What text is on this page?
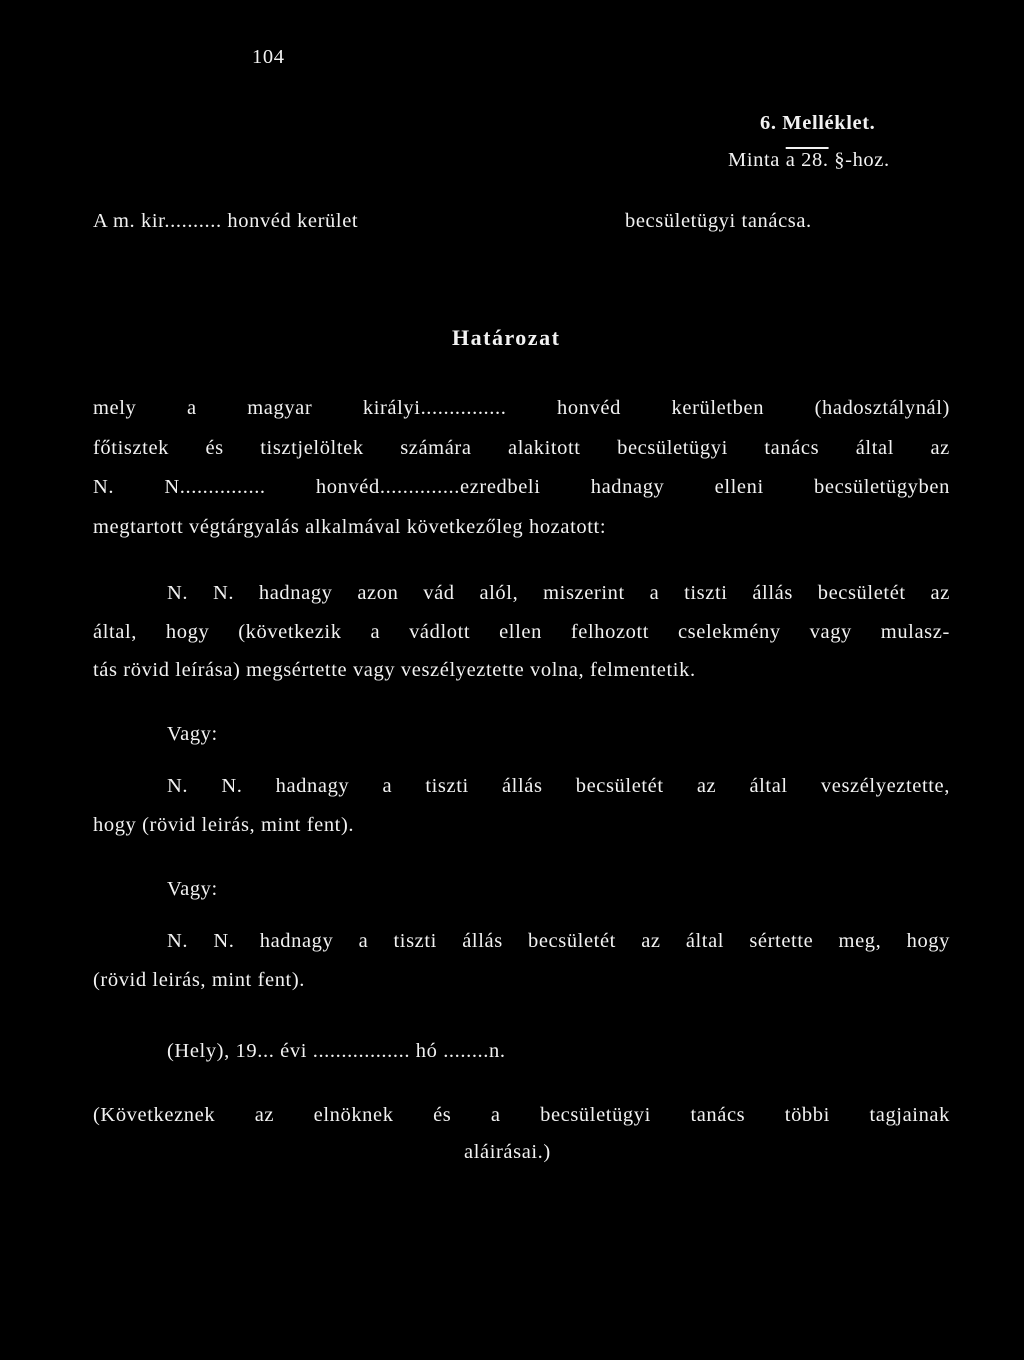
104
6. Melléklet.
Minta a 28. §-hoz.
A m. kir.......... honvéd kerület	becsületügyi tanácsa.
Határozat
mely a magyar királyi............... honvéd kerületben (hadosztálynál)
főtisztek és tisztjelöltek számára alakitott becsületügyi tanács által az
N. N............... honvéd..............ezredbeli hadnagy elleni becsületügyben
megtartott végtárgyalás alkalmával következőleg hozatott:
N. N. hadnagy azon vád alól, miszerint a tiszti állás becsületét az
által, hogy (következik a vádlott ellen felhozott cselekmény vagy mulasz-
tás rövid leírása) megsértette vagy veszélyeztette volna, felmentetik.
Vagy:
N. N. hadnagy a tiszti állás becsületét az által veszélyeztette,
hogy (rövid leirás, mint fent).
Vagy:
N. N. hadnagy a tiszti állás becsületét az által sértette meg, hogy
(rövid leirás, mint fent).
(Hely), 19... évi ................. hó ........n.
(Következnek az elnöknek és a becsületügyi tanács többi tagjainak
aláirásai.)
